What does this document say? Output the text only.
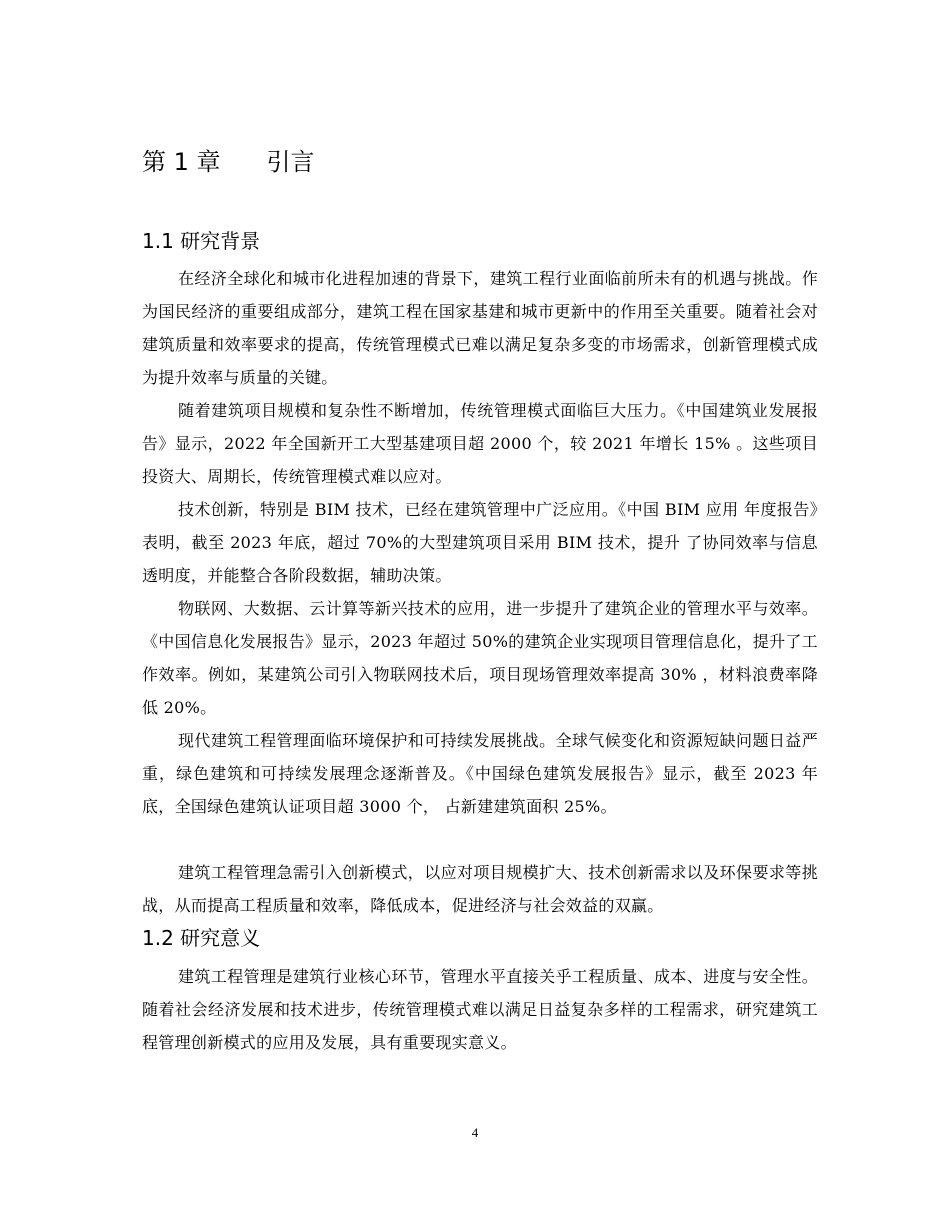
第 1 章 引言
1.1 研究背景

在经济全球化和城市化进程加速的背景下，建筑工程行业面临前所未有的机遇与挑战。作为国民经济的重要组成部分，建筑工程在国家基建和城市更新中的作用至关重要。随着社会对建筑质量和效率要求的提高，传统管理模式已难以满足复杂多变的市场需求，创新管理模式成为提升效率与质量的关键。

随着建筑项目规模和复杂性不断增加，传统管理模式面临巨大压力。《中国建筑业发展报告》显示，2022 年全国新开工大型基建项目超 2000 个，较 2021 年增长 15% 。这些项目投资大、周期长，传统管理模式难以应对。

技术创新，特别是 BIM 技术，已经在建筑管理中广泛应用。《中国 BIM 应用 年度报告》表明，截至 2023 年底，超过 70%的大型建筑项目采用 BIM 技术，提升 了协同效率与信息透明度，并能整合各阶段数据，辅助决策。

物联网、大数据、云计算等新兴技术的应用，进一步提升了建筑企业的管理水平与效率。《中国信息化发展报告》显示，2023 年超过 50%的建筑企业实现项目管理信息化，提升了工作效率。例如，某建筑公司引入物联网技术后，项目现场管理效率提高 30% ，材料浪费率降低 20%。

现代建筑工程管理面临环境保护和可持续发展挑战。全球气候变化和资源短缺问题日益严重，绿色建筑和可持续发展理念逐渐普及。《中国绿色建筑发展报告》显示，截至 2023 年底，全国绿色建筑认证项目超 3000 个， 占新建建筑面积 25%。

建筑工程管理急需引入创新模式，以应对项目规模扩大、技术创新需求以及环保要求等挑战，从而提高工程质量和效率，降低成本，促进经济与社会效益的双赢。

1.2 研究意义

建筑工程管理是建筑行业核心环节，管理水平直接关乎工程质量、成本、进度与安全性。随着社会经济发展和技术进步，传统管理模式难以满足日益复杂多样的工程需求，研究建筑工程管理创新模式的应用及发展，具有重要现实意义。

4
